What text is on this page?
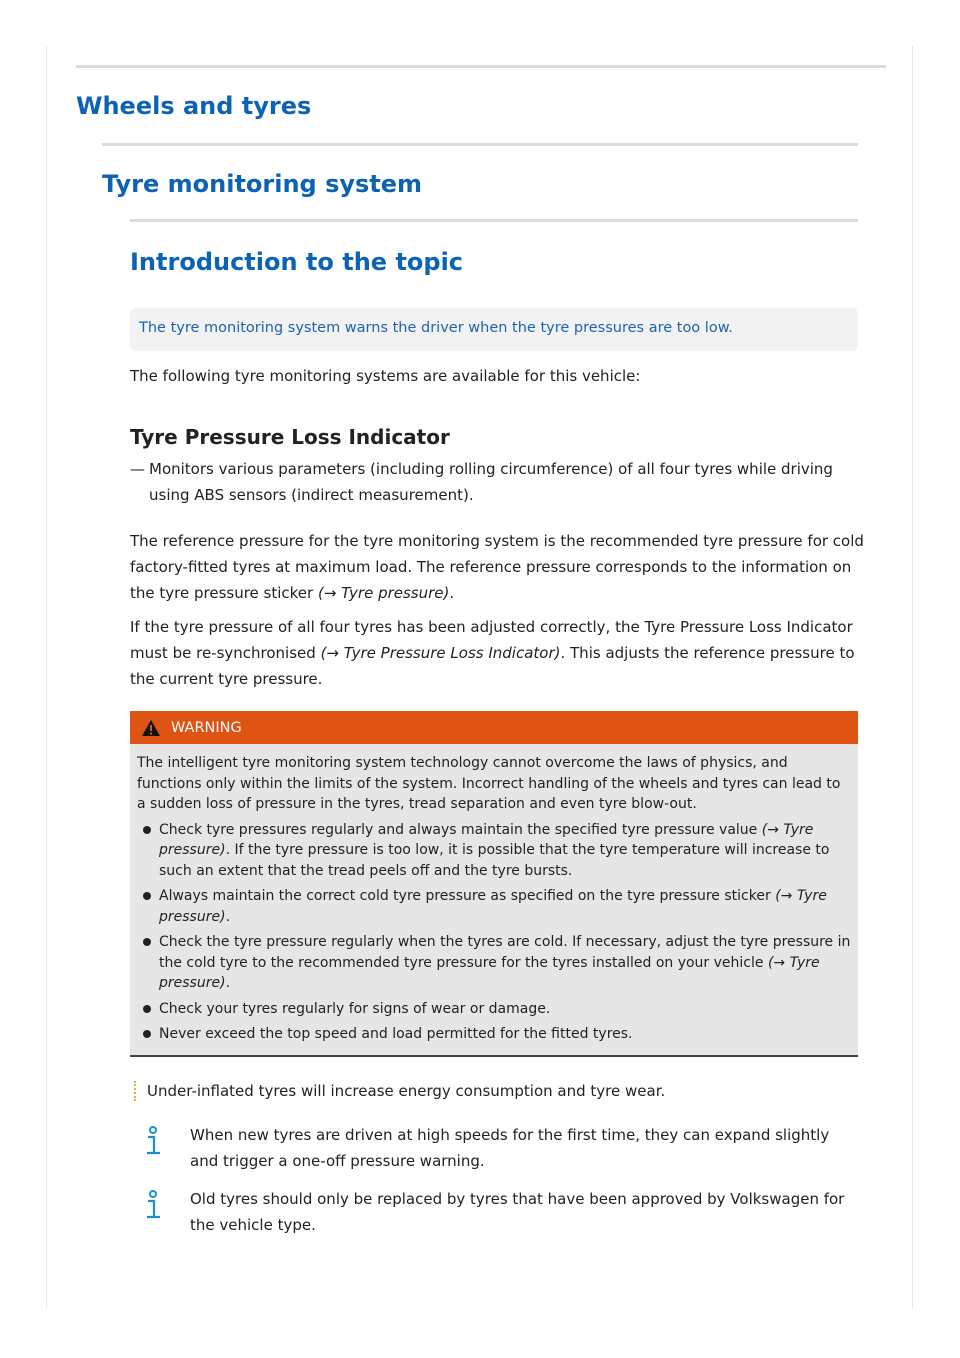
Wheels and tyres
Tyre monitoring system
Introduction to the topic
The tyre monitoring system warns the driver when the tyre pressures are too low.

The following tyre monitoring systems are available for this vehicle:

Tyre Pressure Loss Indicator
— Monitors various parameters (including rolling circumference) of all four tyres while driving using ABS sensors (indirect measurement).

The reference pressure for the tyre monitoring system is the recommended tyre pressure for cold factory-fitted tyres at maximum load. The reference pressure corresponds to the information on the tyre pressure sticker (→ Tyre pressure).

If the tyre pressure of all four tyres has been adjusted correctly, the Tyre Pressure Loss Indicator must be re-synchronised (→ Tyre Pressure Loss Indicator). This adjusts the reference pressure to the current tyre pressure.

WARNING

The intelligent tyre monitoring system technology cannot overcome the laws of physics, and functions only within the limits of the system. Incorrect handling of the wheels and tyres can lead to a sudden loss of pressure in the tyres, tread separation and even tyre blow-out.

Check tyre pressures regularly and always maintain the specified tyre pressure value (→ Tyre pressure). If the tyre pressure is too low, it is possible that the tyre temperature will increase to such an extent that the tread peels off and the tyre bursts.
Always maintain the correct cold tyre pressure as specified on the tyre pressure sticker (→ Tyre pressure).
Check the tyre pressure regularly when the tyres are cold. If necessary, adjust the tyre pressure in the cold tyre to the recommended tyre pressure for the tyres installed on your vehicle (→ Tyre pressure).
Check your tyres regularly for signs of wear or damage.
Never exceed the top speed and load permitted for the fitted tyres.
Under-inflated tyres will increase energy consumption and tyre wear.
When new tyres are driven at high speeds for the first time, they can expand slightly and trigger a one-off pressure warning.
Old tyres should only be replaced by tyres that have been approved by Volkswagen for the vehicle type.
